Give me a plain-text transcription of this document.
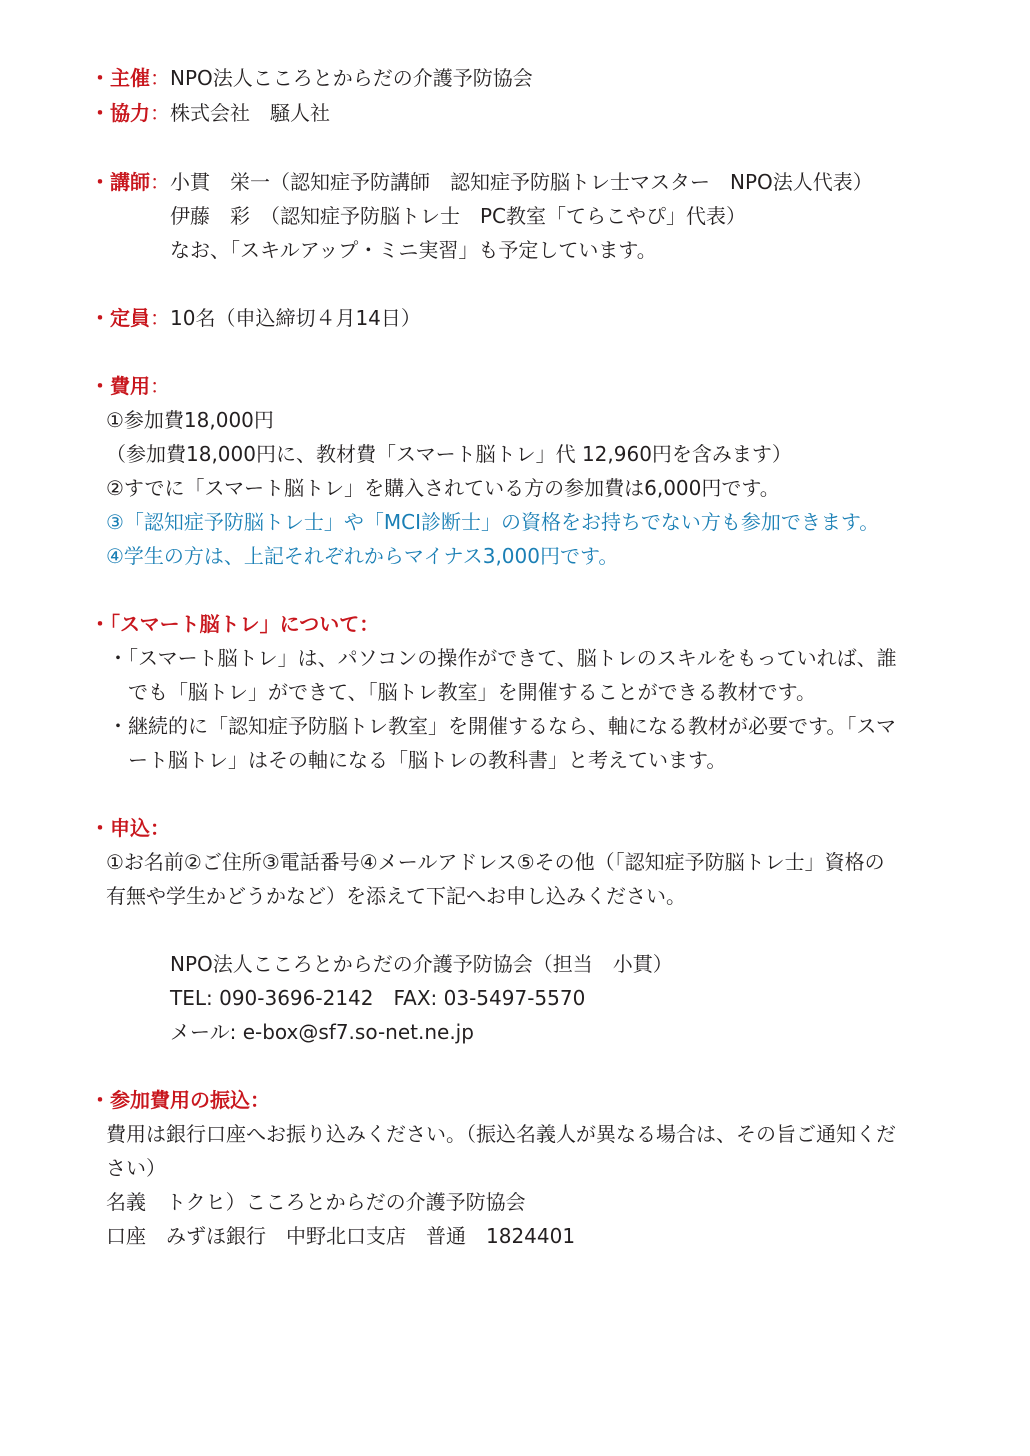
・主催：NPO法人こころとからだの介護予防協会
・協力：株式会社　騒人社
・講師：小貫　栄一（認知症予防講師　認知症予防脳トレ士マスター　NPO法人代表）
伊藤　彩　（認知症予防脳トレ士　PC教室「てらこやぴ」代表）
なお、「スキルアップ・ミニ実習」も予定しています。
・定員：10名（申込締切４月14日）
・費用：
①参加費18,000円
（参加費18,000円に、教材費「スマート脳トレ」代 12,960円を含みます）
②すでに「スマート脳トレ」を購入されている方の参加費は6,000円です。
③「認知症予防脳トレ士」や「MCI診断士」の資格をお持ちでない方も参加できます。
④学生の方は、上記それぞれからマイナス3,000円です。
・「スマート脳トレ」について：
・「スマート脳トレ」は、パソコンの操作ができて、脳トレのスキルをもっていれば、誰
でも「脳トレ」ができて、「脳トレ教室」を開催することができる教材です。
・継続的に「認知症予防脳トレ教室」を開催するなら、軸になる教材が必要です。「スマ
ート脳トレ」はその軸になる「脳トレの教科書」と考えています。
・申込：
①お名前②ご住所③電話番号④メールアドレス⑤その他（「認知症予防脳トレ士」資格の
有無や学生かどうかなど）を添えて下記へお申し込みください。
NPO法人こころとからだの介護予防協会（担当　小貫）
TEL: 090-3696-2142　FAX: 03-5497-5570
メール: e-box@sf7.so-net.ne.jp
・参加費用の振込：
費用は銀行口座へお振り込みください。（振込名義人が異なる場合は、その旨ご通知くだ
さい）
名義　トクヒ）こころとからだの介護予防協会
口座　みずほ銀行　中野北口支店　普通　1824401
